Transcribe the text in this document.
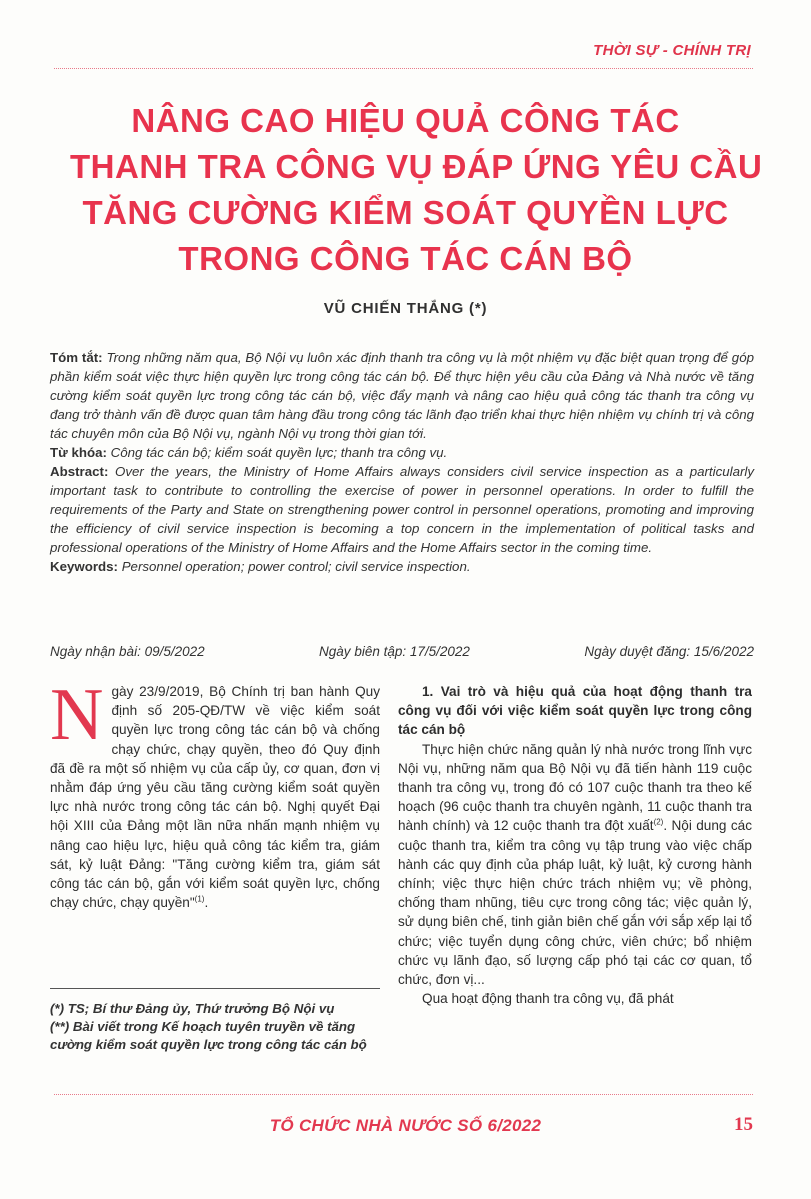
THỜI SỰ - CHÍNH TRỊ
NÂNG CAO HIỆU QUẢ CÔNG TÁC
THANH TRA CÔNG VỤ ĐÁP ỨNG YÊU CẦU
TĂNG CƯỜNG KIỂM SOÁT QUYỀN LỰC
TRONG CÔNG TÁC CÁN BỘ
VŨ CHIẾN THẮNG (*)

Tóm tắt: Trong những năm qua, Bộ Nội vụ luôn xác định thanh tra công vụ là một nhiệm vụ đặc biệt quan trọng để góp phần kiểm soát việc thực hiện quyền lực trong công tác cán bộ. Để thực hiện yêu cầu của Đảng và Nhà nước về tăng cường kiểm soát quyền lực trong công tác cán bộ, việc đẩy mạnh và nâng cao hiệu quả công tác thanh tra công vụ đang trở thành vấn đề được quan tâm hàng đầu trong công tác lãnh đạo triển khai thực hiện nhiệm vụ chính trị và công tác chuyên môn của Bộ Nội vụ, ngành Nội vụ trong thời gian tới.

Từ khóa: Công tác cán bộ; kiểm soát quyền lực; thanh tra công vụ.

Abstract: Over the years, the Ministry of Home Affairs always considers civil service inspection as a particularly important task to contribute to controlling the exercise of power in personnel operations. In order to fulfill the requirements of the Party and State on strengthening power control in personnel operations, promoting and improving the efficiency of civil service inspection is becoming a top concern in the implementation of political tasks and professional operations of the Ministry of Home Affairs and the Home Affairs sector in the coming time.

Keywords: Personnel operation; power control; civil service inspection.

Ngày nhận bài: 09/5/2022	Ngày biên tập: 17/5/2022	Ngày duyệt đăng: 15/6/2022
N gày 23/9/2019, Bộ Chính trị ban hành Quy định số 205-QĐ/TW về việc kiểm soát quyền lực trong công tác cán bộ và chống chạy chức, chạy quyền, theo đó Quy định đã đề ra một số nhiệm vụ của cấp ủy, cơ quan, đơn vị nhằm đáp ứng yêu cầu tăng cường kiểm soát quyền lực nhà nước trong công tác cán bộ. Nghị quyết Đại hội XIII của Đảng một lần nữa nhấn mạnh nhiệm vụ nâng cao hiệu lực, hiệu quả công tác kiểm tra, giám sát, kỷ luật Đảng: "Tăng cường kiểm tra, giám sát công tác cán bộ, gắn với kiểm soát quyền lực, chống chạy chức, chạy quyền"$^{(1)}$.
(*) TS; Bí thư Đảng ủy, Thứ trưởng Bộ Nội vụ
(**) Bài viết trong Kế hoạch tuyên truyền về tăng cường kiểm soát quyền lực trong công tác cán bộ

1. Vai trò và hiệu quả của hoạt động thanh tra công vụ đối với việc kiểm soát quyền lực trong công tác cán bộ

Thực hiện chức năng quản lý nhà nước trong lĩnh vực Nội vụ, những năm qua Bộ Nội vụ đã tiến hành 119 cuộc thanh tra công vụ, trong đó có 107 cuộc thanh tra theo kế hoạch (96 cuộc thanh tra chuyên ngành, 11 cuộc thanh tra hành chính) và 12 cuộc thanh tra đột xuất$^{(2)}$. Nội dung các cuộc thanh tra, kiểm tra công vụ tập trung vào việc chấp hành các quy định của pháp luật, kỷ luật, kỷ cương hành chính; việc thực hiện chức trách nhiệm vụ; về phòng, chống tham nhũng, tiêu cực trong công tác; việc quản lý, sử dụng biên chế, tinh giản biên chế gắn với sắp xếp lại tổ chức; việc tuyển dụng công chức, viên chức; bổ nhiệm chức vụ lãnh đạo, số lượng cấp phó tại các cơ quan, tổ chức, đơn vị...

Qua hoạt động thanh tra công vụ, đã phát

TỔ CHỨC NHÀ NƯỚC SỐ 6/2022	15
